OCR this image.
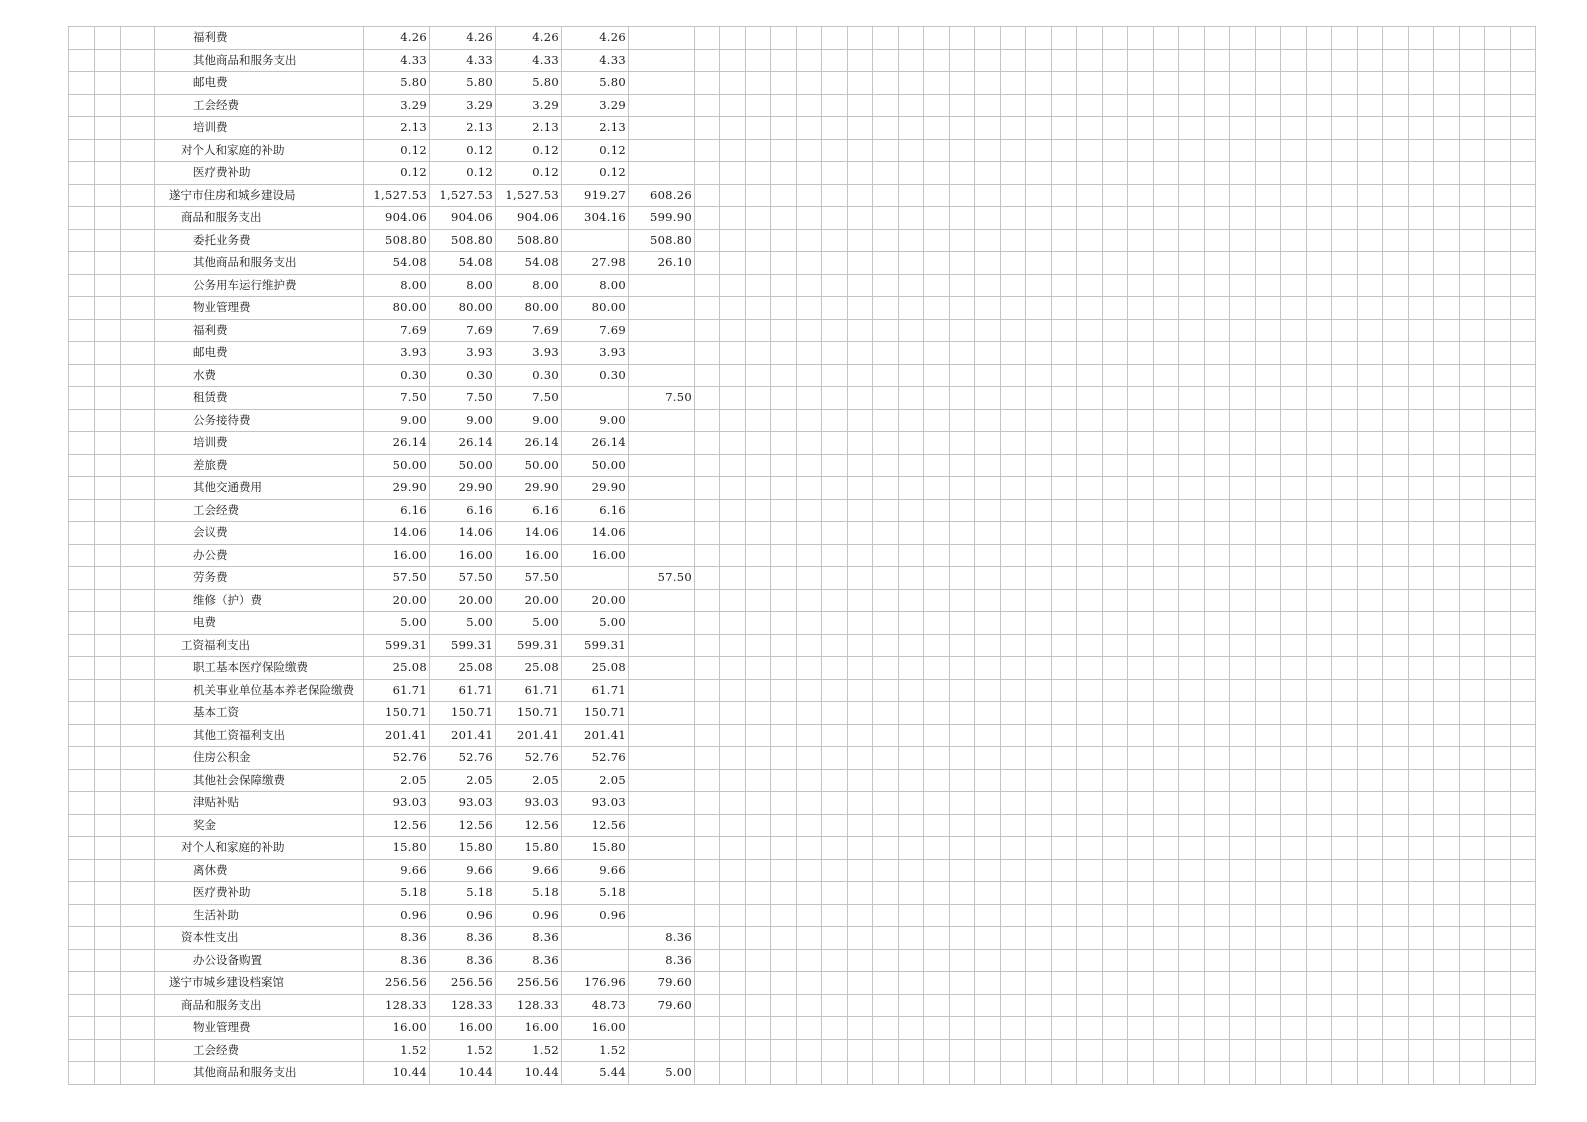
			福利费	4.26	4.26	4.26	4.26																																		
			其他商品和服务支出	4.33	4.33	4.33	4.33																																		
			邮电费	5.80	5.80	5.80	5.80																																		
			工会经费	3.29	3.29	3.29	3.29																																		
			培训费	2.13	2.13	2.13	2.13																																		
			对个人和家庭的补助	0.12	0.12	0.12	0.12																																		
			医疗费补助	0.12	0.12	0.12	0.12																																		
			遂宁市住房和城乡建设局	1,527.53	1,527.53	1,527.53	919.27	608.26																																	
			商品和服务支出	904.06	904.06	904.06	304.16	599.90																																	
			委托业务费	508.80	508.80	508.80		508.80																																	
			其他商品和服务支出	54.08	54.08	54.08	27.98	26.10																																	
			公务用车运行维护费	8.00	8.00	8.00	8.00																																		
			物业管理费	80.00	80.00	80.00	80.00																																		
			福利费	7.69	7.69	7.69	7.69																																		
			邮电费	3.93	3.93	3.93	3.93																																		
			水费	0.30	0.30	0.30	0.30																																		
			租赁费	7.50	7.50	7.50		7.50																																	
			公务接待费	9.00	9.00	9.00	9.00																																		
			培训费	26.14	26.14	26.14	26.14																																		
			差旅费	50.00	50.00	50.00	50.00																																		
			其他交通费用	29.90	29.90	29.90	29.90																																		
			工会经费	6.16	6.16	6.16	6.16																																		
			会议费	14.06	14.06	14.06	14.06																																		
			办公费	16.00	16.00	16.00	16.00																																		
			劳务费	57.50	57.50	57.50		57.50																																	
			维修（护）费	20.00	20.00	20.00	20.00																																		
			电费	5.00	5.00	5.00	5.00																																		
			工资福利支出	599.31	599.31	599.31	599.31																																		
			职工基本医疗保险缴费	25.08	25.08	25.08	25.08																																		
			机关事业单位基本养老保险缴费	61.71	61.71	61.71	61.71																																		
			基本工资	150.71	150.71	150.71	150.71																																		
			其他工资福利支出	201.41	201.41	201.41	201.41																																		
			住房公积金	52.76	52.76	52.76	52.76																																		
			其他社会保障缴费	2.05	2.05	2.05	2.05																																		
			津贴补贴	93.03	93.03	93.03	93.03																																		
			奖金	12.56	12.56	12.56	12.56																																		
			对个人和家庭的补助	15.80	15.80	15.80	15.80																																		
			离休费	9.66	9.66	9.66	9.66																																		
			医疗费补助	5.18	5.18	5.18	5.18																																		
			生活补助	0.96	0.96	0.96	0.96																																		
			资本性支出	8.36	8.36	8.36		8.36																																	
			办公设备购置	8.36	8.36	8.36		8.36																																	
			遂宁市城乡建设档案馆	256.56	256.56	256.56	176.96	79.60																																	
			商品和服务支出	128.33	128.33	128.33	48.73	79.60																																	
			物业管理费	16.00	16.00	16.00	16.00																																		
			工会经费	1.52	1.52	1.52	1.52																																		
			其他商品和服务支出	10.44	10.44	10.44	5.44	5.00																																	
